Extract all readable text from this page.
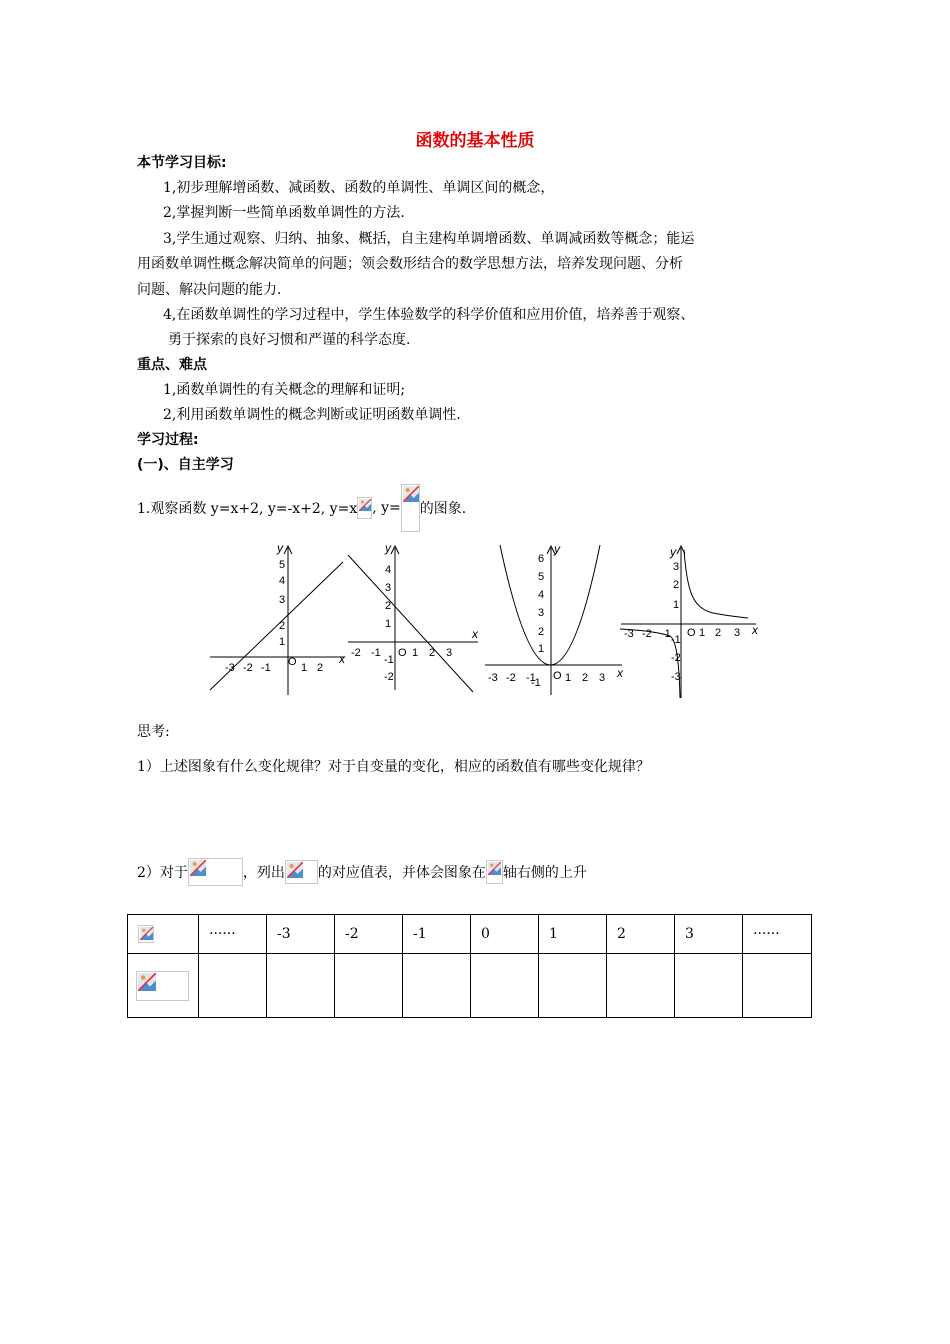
函数的基本性质
本节学习目标:
1,初步理解增函数、减函数、函数的单调性、单调区间的概念，
2,掌握判断一些简单函数单调性的方法.
3,学生通过观察、归纳、抽象、概括，自主建构单调增函数、单调减函数等概念；能运
用函数单调性概念解决简单的问题；领会数形结合的数学思想方法，培养发现问题、分析
问题、解决问题的能力.
4,在函数单调性的学习过程中，学生体验数学的科学价值和应用价值，培养善于观察、
勇于探索的良好习惯和严谨的科学态度.
重点、难点
1,函数单调性的有关概念的理解和证明;
2,利用函数单调性的概念判断或证明函数单调性.
学习过程:
(一)、自主学习
1.观察函数 y=x+2, y=-x+2, y=x , y= 的图象.
y
x
O
-3 -2 -1	1 2
1
2
3
4
5
y
x
O
-2 -1	1 2 3
-2
-1
1
2
3
4
y
x
O
-3 -2 -1	1 2 3
-1
1
2
3
4
5
6	y
x
O
-3 -2 -1	1 2 3
-3
-2
-1
1
2
3
思考:
1）上述图象有什么变化规律？对于自变量的变化，相应的函数值有哪些变化规律？
2）对于	，列出 的对应值表，并体会图象在 轴右侧的上升
	······	-3	-2	-1	0	1	2	3	······
